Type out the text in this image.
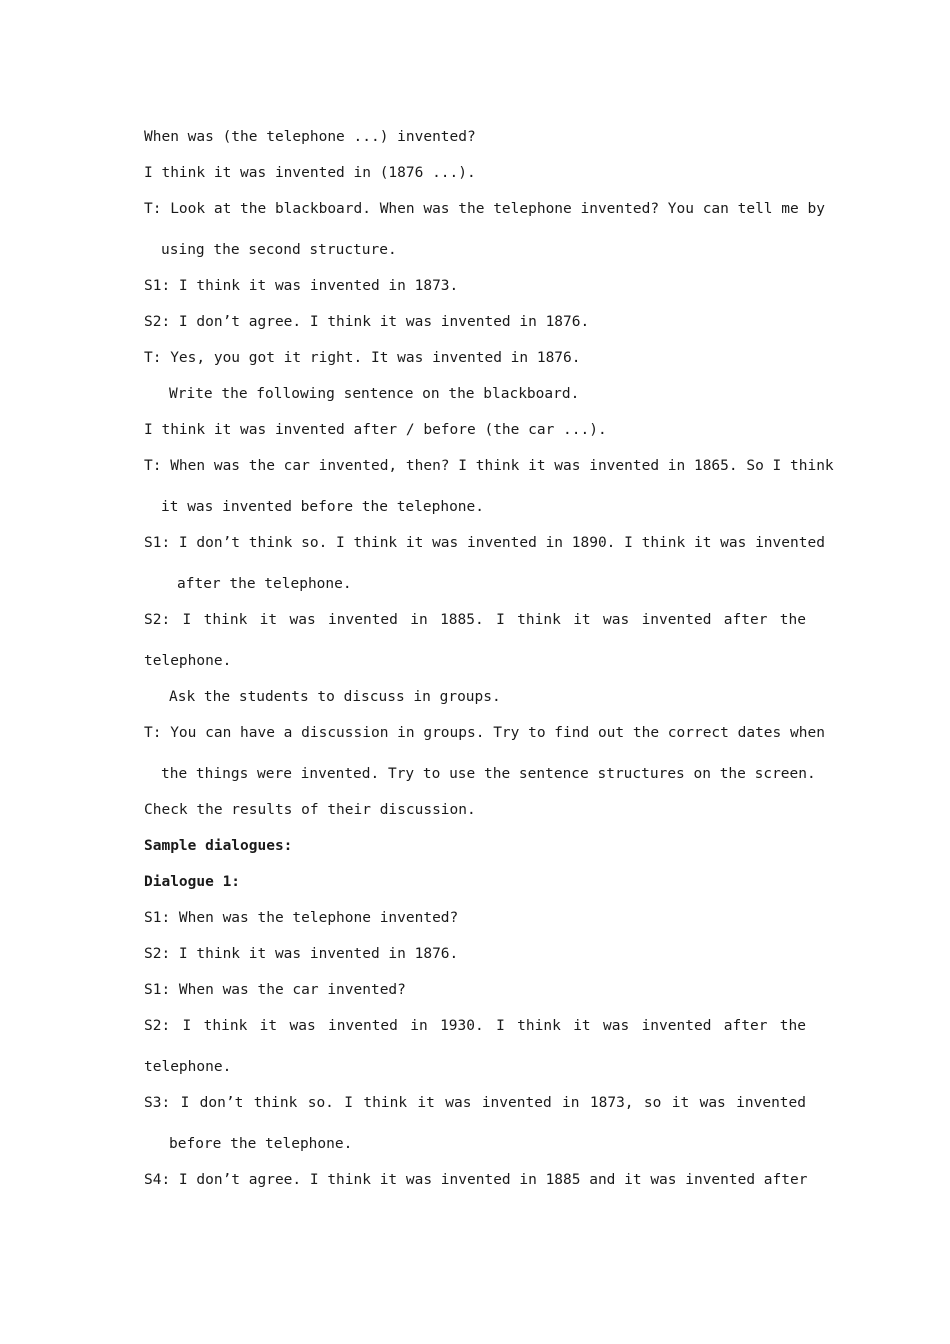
When was (the telephone ...) invented?

I think it was invented in (1876 ...).

T: Look at the blackboard. When was the telephone invented? You can tell me by

using the second structure.

S1: I think it was invented in 1873.

S2: I don’t agree. I think it was invented in 1876.

T: Yes, you got it right. It was invented in 1876.

Write the following sentence on the blackboard.

I think it was invented after / before (the car ...).

T: When was the car invented, then? I think it was invented in 1865. So I think

it was invented before the telephone.

S1: I don’t think so. I think it was invented in 1890. I think it was invented

after the telephone.

S2: I think it was invented in 1885. I think it was invented after the

telephone.

Ask the students to discuss in groups.

T: You can have a discussion in groups. Try to find out the correct dates when

the things were invented. Try to use the sentence structures on the screen.

Check the results of their discussion.

Sample dialogues:

Dialogue 1:

S1: When was the telephone invented?

S2: I think it was invented in 1876.

S1: When was the car invented?

S2: I think it was invented in 1930. I think it was invented after the

telephone.

S3: I don’t think so. I think it was invented in 1873, so it was invented

before the telephone.

S4: I don’t agree. I think it was invented in 1885 and it was invented after
